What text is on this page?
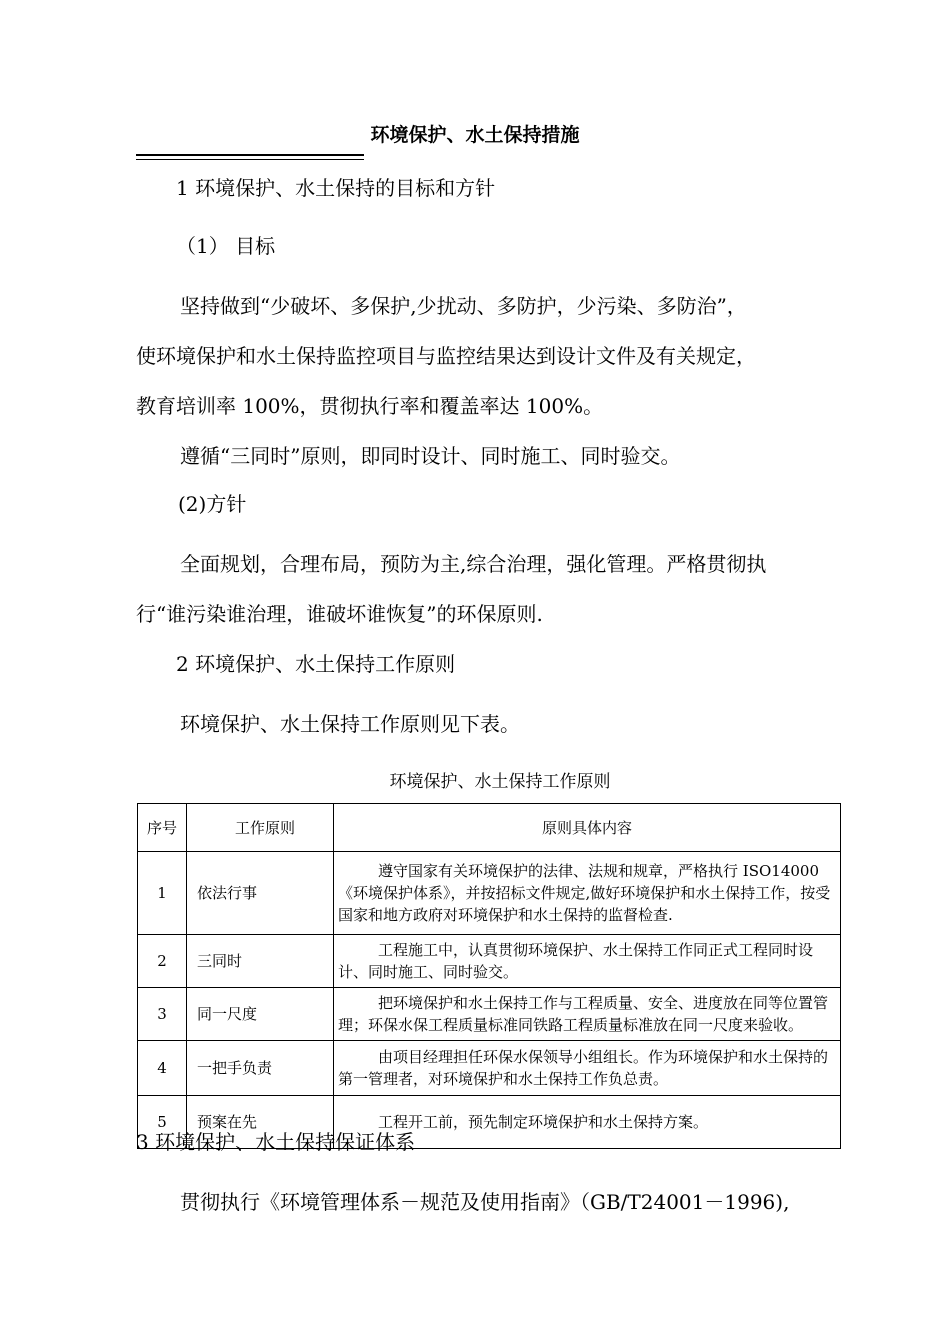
环境保护、水土保持措施
1 环境保护、水土保持的目标和方针
（1） 目标
坚持做到“少破坏、多保护,少扰动、多防护，少污染、多防治”，
使环境保护和水土保持监控项目与监控结果达到设计文件及有关规定，
教育培训率 100%，贯彻执行率和覆盖率达 100%。
遵循“三同时”原则，即同时设计、同时施工、同时验交。
(2)方针
全面规划，合理布局，预防为主,综合治理，强化管理。严格贯彻执
行“谁污染谁治理，谁破坏谁恢复”的环保原则.
2 环境保护、水土保持工作原则
环境保护、水土保持工作原则见下表。
环境保护、水土保持工作原则
序号	工作原则	原则具体内容
1	依法行事	遵守国家有关环境保护的法律、法规和规章，严格执行 ISO14000《环境保护体系》，并按招标文件规定,做好环境保护和水土保持工作，按受国家和地方政府对环境保护和水土保持的监督检查.
2	三同时	工程施工中，认真贯彻环境保护、水土保持工作同正式工程同时设计、同时施工、同时验交。
3	同一尺度	把环境保护和水土保持工作与工程质量、安全、进度放在同等位置管理；环保水保工程质量标准同铁路工程质量标准放在同一尺度来验收。
4	一把手负责	由项目经理担任环保水保领导小组组长。作为环境保护和水土保持的第一管理者，对环境保护和水土保持工作负总责。
5	预案在先	工程开工前，预先制定环境保护和水土保持方案。
3 环境保护、水土保持保证体系
贯彻执行《环境管理体系－规范及使用指南》（GB/T24001－1996),
